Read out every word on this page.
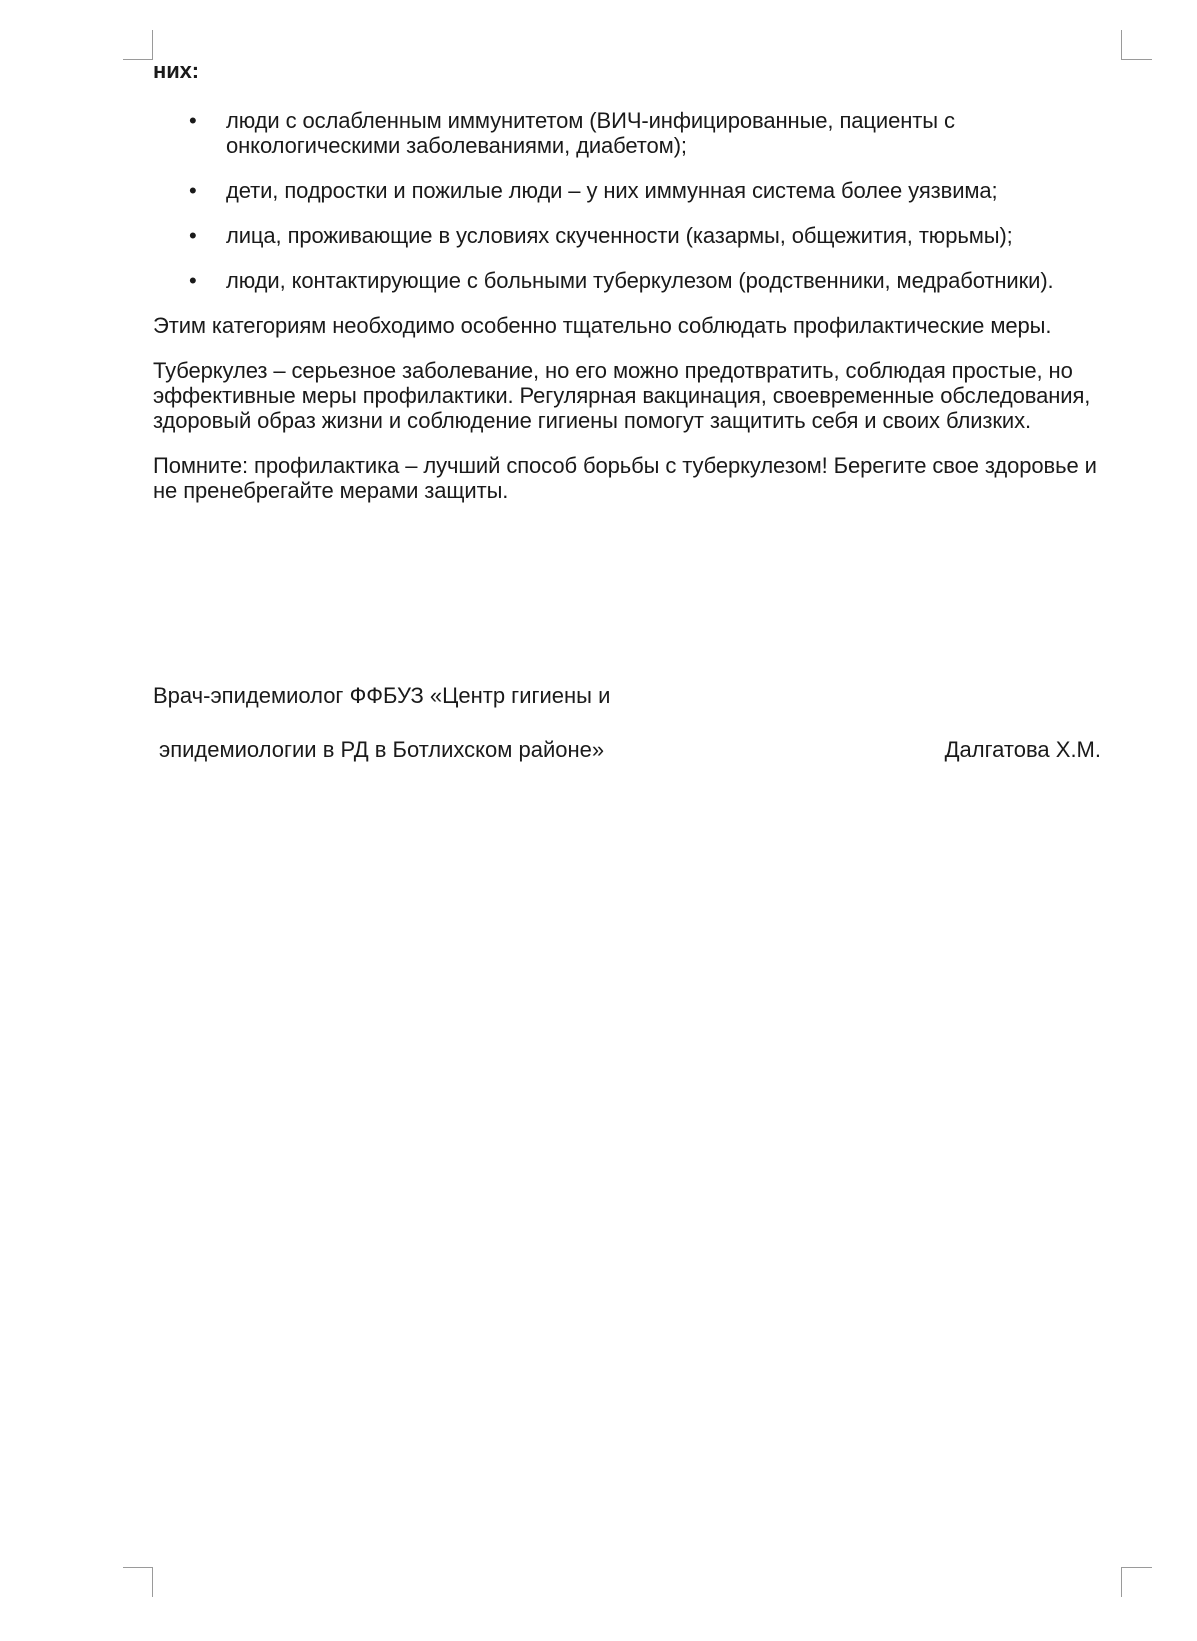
них:

• люди с ослабленным иммунитетом (ВИЧ-инфицированные, пациенты с онкологическими заболеваниями, диабетом);
• дети, подростки и пожилые люди – у них иммунная система более уязвима;
• лица, проживающие в условиях скученности (казармы, общежития, тюрьмы);
• люди, контактирующие с больными туберкулезом (родственники, медработники).

Этим категориям необходимо особенно тщательно соблюдать профилактические меры.

Туберкулез – серьезное заболевание, но его можно предотвратить, соблюдая простые, но эффективные меры профилактики. Регулярная вакцинация, своевременные обследования, здоровый образ жизни и соблюдение гигиены помогут защитить себя и своих близких.

Помните: профилактика – лучший способ борьбы с туберкулезом! Берегите свое здоровье и не пренебрегайте мерами защиты.

Врач-эпидемиолог ФФБУЗ «Центр гигиены и
эпидемиологии в РД в Ботлихском районе»	Далгатова Х.М.
